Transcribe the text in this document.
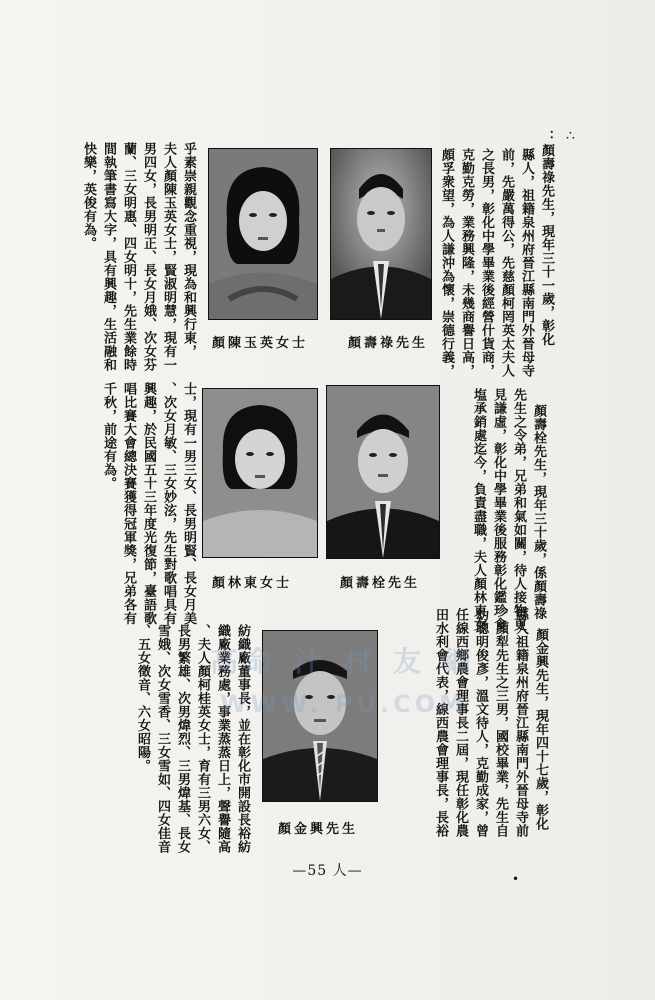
∴
：顏壽祿先生，現年三十一歲，彰化
縣人，祖籍泉州府晉江縣南門外晉母寺
前，先嚴萬得公，先慈顏柯罔英太夫人
之長男，彰化中學畢業後經營什貨商，
克勤克勞，業務興隆，未幾商譽日高，
頗孚衆望，為人謙沖為懷，崇德行義，
顏壽祿先生
顏陳玉英女士
乎素崇親觀念重視，現為和興行東，
夫人顏陳玉英女士，賢淑明慧，現有一
男四女，長男明正、長女月娥、次女芬
蘭、三女明惠、四女明十，先生業餘時
間執筆書寫大字，具有興趣，生活融和
快樂，英俊有為。
顏壽栓先生，現年三十歲，係顏壽祿
先生之令弟，兄弟和氣如關，待人接物更
見謙虛，彰化中學畢業後服務彰化鑑珍食
塩承銷處迄今，負責盡職，夫人顏林東女
顏壽栓先生
顏林東女士
士，現有一男三女、長男明賢、長女月美
、次女月敏、三女妙泫，先生對歌唱具有
興趣，於民國五十三年度光復節，臺語歌
唱比賽大會總決賽獲得冠軍獎，兄弟各有
千秋，前途有為。
顏金興先生，現年四十七歲，彰化
縣人祖籍泉州府晉江縣南門外晉母寺前
，顏犁先生之三男，國校畢業，先生自
幼聰明俊彥，溫文待人，克勤成家，曾
任線西鄉農會理事長二屆，現任彰化農
田水利會代表，線西農會理事長，長裕
顏金興先生
紡織廠董事長，並在彰化市開設長裕紡
織廠業務處，事業蒸蒸日上，聲譽隨高
、夫人顏柯桂英女士，育有三男六女、
長男繁雄、次男煒烈、三男煒基、長女
雪娥、次女雪香、三女雪如、四女佳音
、五女徵音、六女昭陽。 高命 汁 村 友 網
WWW. PU.COM
—55 人—	•
